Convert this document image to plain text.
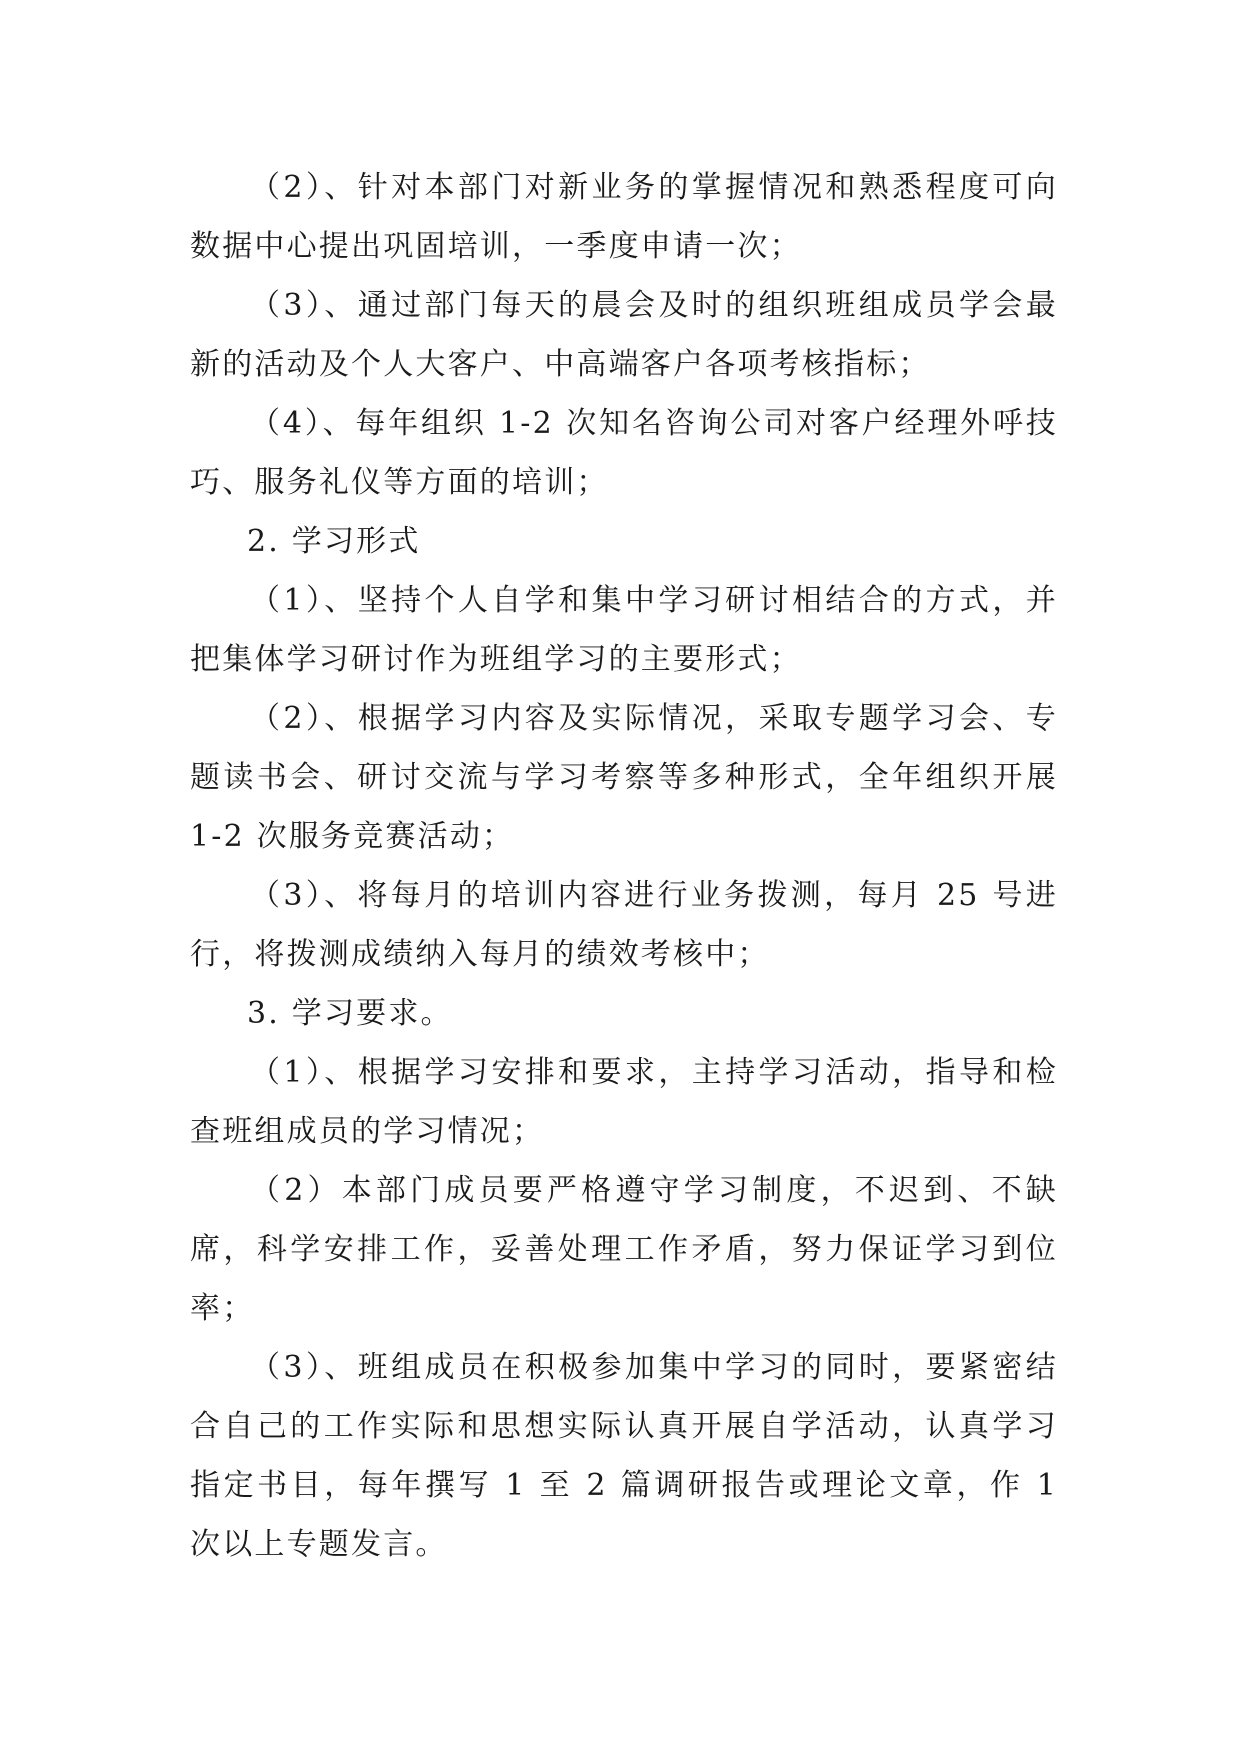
（2）、针对本部门对新业务的掌握情况和熟悉程度可向数据中心提出巩固培训，一季度申请一次；

（3）、通过部门每天的晨会及时的组织班组成员学会最新的活动及个人大客户、中高端客户各项考核指标；

（4）、每年组织 1-2 次知名咨询公司对客户经理外呼技巧、服务礼仪等方面的培训；

2. 学习形式

（1）、坚持个人自学和集中学习研讨相结合的方式，并把集体学习研讨作为班组学习的主要形式；

（2）、根据学习内容及实际情况，采取专题学习会、专题读书会、研讨交流与学习考察等多种形式，全年组织开展 1-2 次服务竞赛活动；

（3）、将每月的培训内容进行业务拨测，每月 25 号进行，将拨测成绩纳入每月的绩效考核中；

3. 学习要求。

（1）、根据学习安排和要求，主持学习活动，指导和检查班组成员的学习情况；

（2）本部门成员要严格遵守学习制度，不迟到、不缺席，科学安排工作，妥善处理工作矛盾，努力保证学习到位率；

（3）、班组成员在积极参加集中学习的同时，要紧密结合自己的工作实际和思想实际认真开展自学活动，认真学习指定书目，每年撰写 1 至 2 篇调研报告或理论文章，作 1 次以上专题发言。
